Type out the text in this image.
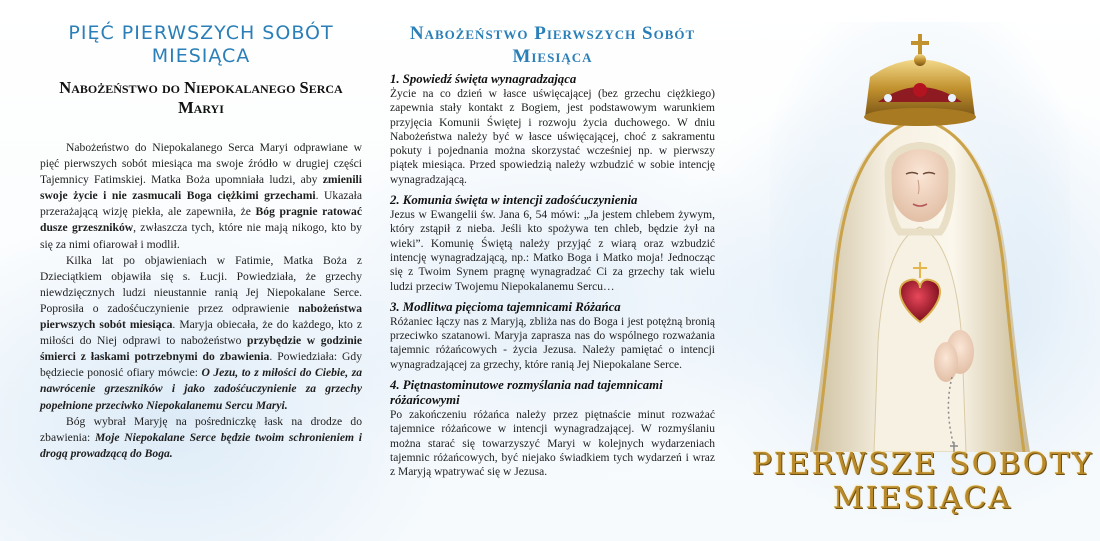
PIĘĆ PIERWSZYCH SOBÓT MIESIĄCA
Nabożeństwo do Niepokalanego Serca Maryi

Nabożeństwo do Niepokalanego Serca Maryi odprawiane w pięć pierwszych sobót miesiąca ma swoje źródło w drugiej części Tajemnicy Fatimskiej. Matka Boża upomniała ludzi, aby zmienili swoje życie i nie zasmucali Boga ciężkimi grzechami. Ukazała przerażającą wizję piekła, ale zapewniła, że Bóg pragnie ratować dusze grzeszników, zwłaszcza tych, które nie mają nikogo, kto by się za nimi ofiarował i modlił.

Kilka lat po objawieniach w Fatimie, Matka Boża z Dzieciątkiem objawiła się s. Łucji. Powiedziała, że grzechy niewdzięcznych ludzi nieustannie ranią Jej Niepokalane Serce. Poprosiła o zadośćuczynienie przez odprawienie nabożeństwa pierwszych sobót miesiąca. Maryja obiecała, że do każdego, kto z miłości do Niej odprawi to nabożeństwo przybędzie w godzinie śmierci z łaskami potrzebnymi do zbawienia. Powiedziała: Gdy będziecie ponosić ofiary mówcie: O Jezu, to z miłości do Ciebie, za nawrócenie grzeszników i jako zadośćuczynienie za grzechy popełnione przeciwko Niepokalanemu Sercu Maryi.

Bóg wybrał Maryję na pośredniczkę łask na drodze do zbawienia: Moje Niepokalane Serce będzie twoim schronieniem i drogą prowadzącą do Boga.

Nabożeństwo Pierwszych Sobót Miesiąca
1. Spowiedź święta wynagradzająca

Życie na co dzień w łasce uświęcającej (bez grzechu ciężkiego) zapewnia stały kontakt z Bogiem, jest podstawowym warunkiem przyjęcia Komunii Świętej i rozwoju życia duchowego. W dniu Nabożeństwa należy być w łasce uświęcającej, choć z sakramentu pokuty i pojednania można skorzystać wcześniej np. w pierwszy piątek miesiąca. Przed spowiedzią należy wzbudzić w sobie intencję wynagradzającą.

2. Komunia święta w intencji zadośćuczynienia

Jezus w Ewangelii św. Jana 6, 54 mówi: „Ja jestem chlebem żywym, który zstąpił z nieba. Jeśli kto spożywa ten chleb, będzie żył na wieki”. Komunię Świętą należy przyjąć z wiarą oraz wzbudzić intencję wynagradzającą, np.: Matko Boga i Matko moja! Jednocząc się z Twoim Synem pragnę wynagradzać Ci za grzechy tak wielu ludzi przeciw Twojemu Niepokalanemu Sercu…

3. Modlitwa pięcioma tajemnicami Różańca

Różaniec łączy nas z Maryją, zbliża nas do Boga i jest potężną bronią przeciwko szatanowi. Maryja zaprasza nas do wspólnego rozważania tajemnic różańcowych - życia Jezusa. Należy pamiętać o intencji wynagradzającej za grzechy, które ranią Jej Niepokalane Serce.

4. Piętnastominutowe rozmyślania nad tajemnicami różańcowymi

Po zakończeniu różańca należy przez piętnaście minut rozważać tajemnice różańcowe w intencji wynagradzającej. W rozmyślaniu można starać się towarzyszyć Maryi w kolejnych wydarzeniach tajemnic różańcowych, być niejako świadkiem tych wydarzeń i wraz z Maryją wpatrywać się w Jezusa.	PIERWSZE SOBOTY
MIESIĄCA
